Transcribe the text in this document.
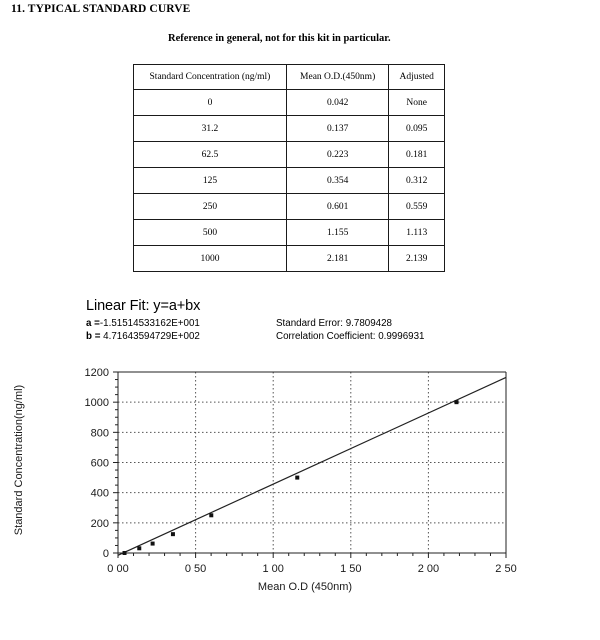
11. TYPICAL STANDARD CURVE
Reference in general, not for this kit in particular.
Standard Concentration (ng/ml)	Mean O.D.(450nm)	Adjusted
0	0.042	None
31.2	0.137	0.095
62.5	0.223	0.181
125	0.354	0.312
250	0.601	0.559
500	1.155	1.113
1000	2.181	2.139
Linear Fit: y=a+bx
a =-1.51514533162E+001	Standard Error: 9.7809428
b = 4.71643594729E+002	Correlation Coefficient: 0.9996931
0 00	0 50	1 00	1 50	2 00	2 50
0
200
400
600
800
1000
1200
Mean O.D (450nm)
Standard Concentration(ng/ml)
